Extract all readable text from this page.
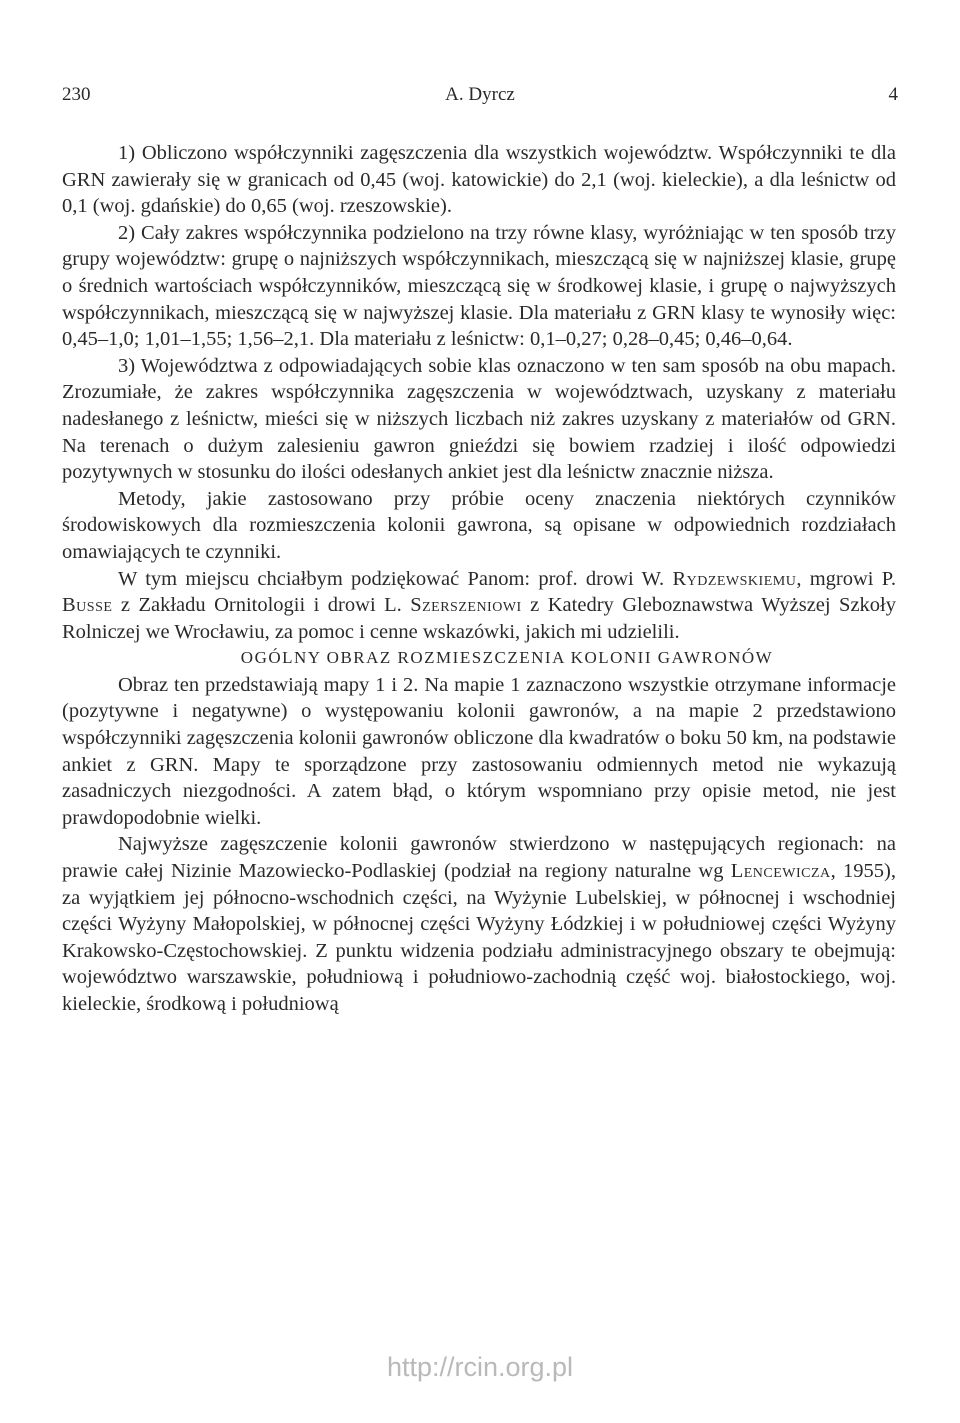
230	A. Dyrcz	4

1) Obliczono współczynniki zagęszczenia dla wszystkich województw. Współczynniki te dla GRN zawierały się w granicach od 0,45 (woj. katowickie) do 2,1 (woj. kieleckie), a dla leśnictw od 0,1 (woj. gdańskie) do 0,65 (woj. rzeszowskie).

2) Cały zakres współczynnika podzielono na trzy równe klasy, wyróżniając w ten sposób trzy grupy województw: grupę o najniższych współczynnikach, mieszczącą się w najniższej klasie, grupę o średnich wartościach współczynników, mieszczącą się w środkowej klasie, i grupę o najwyższych współczynnikach, mieszczącą się w najwyższej klasie. Dla materiału z GRN klasy te wynosiły więc: 0,45–1,0; 1,01–1,55; 1,56–2,1. Dla materiału z leśnictw: 0,1–0,27; 0,28–0,45; 0,46–0,64.

3) Województwa z odpowiadających sobie klas oznaczono w ten sam sposób na obu mapach. Zrozumiałe, że zakres współczynnika zagęszczenia w województwach, uzyskany z materiału nadesłanego z leśnictw, mieści się w niższych liczbach niż zakres uzyskany z materiałów od GRN. Na terenach o dużym zalesieniu gawron gnieździ się bowiem rzadziej i ilość odpowiedzi pozytywnych w stosunku do ilości odesłanych ankiet jest dla leśnictw znacznie niższa.

Metody, jakie zastosowano przy próbie oceny znaczenia niektórych czynników środowiskowych dla rozmieszczenia kolonii gawrona, są opisane w odpowiednich rozdziałach omawiających te czynniki.

W tym miejscu chciałbym podziękować Panom: prof. drowi W. Rydzewskiemu, mgrowi P. Busse z Zakładu Ornitologii i drowi L. Szerszeniowi z Katedry Gleboznawstwa Wyższej Szkoły Rolniczej we Wrocławiu, za pomoc i cenne wskazówki, jakich mi udzielili.

OGÓLNY OBRAZ ROZMIESZCZENIA KOLONII GAWRONÓW

Obraz ten przedstawiają mapy 1 i 2. Na mapie 1 zaznaczono wszystkie otrzymane informacje (pozytywne i negatywne) o występowaniu kolonii gawronów, a na mapie 2 przedstawiono współczynniki zagęszczenia kolonii gawronów obliczone dla kwadratów o boku 50 km, na podstawie ankiet z GRN. Mapy te sporządzone przy zastosowaniu odmiennych metod nie wykazują zasadniczych niezgodności. A zatem błąd, o którym wspomniano przy opisie metod, nie jest prawdopodobnie wielki.

Najwyższe zagęszczenie kolonii gawronów stwierdzono w następujących regionach: na prawie całej Nizinie Mazowiecko-Podlaskiej (podział na regiony naturalne wg Lencewicza, 1955), za wyjątkiem jej północno-wschodnich części, na Wyżynie Lubelskiej, w północnej i wschodniej części Wyżyny Małopolskiej, w północnej części Wyżyny Łódzkiej i w południowej części Wyżyny Krakowsko-Częstochowskiej. Z punktu widzenia podziału administracyjnego obszary te obejmują: województwo warszawskie, południową i południowo-zachodnią część woj. białostockiego, woj. kieleckie, środkową i południową

http://rcin.org.pl
